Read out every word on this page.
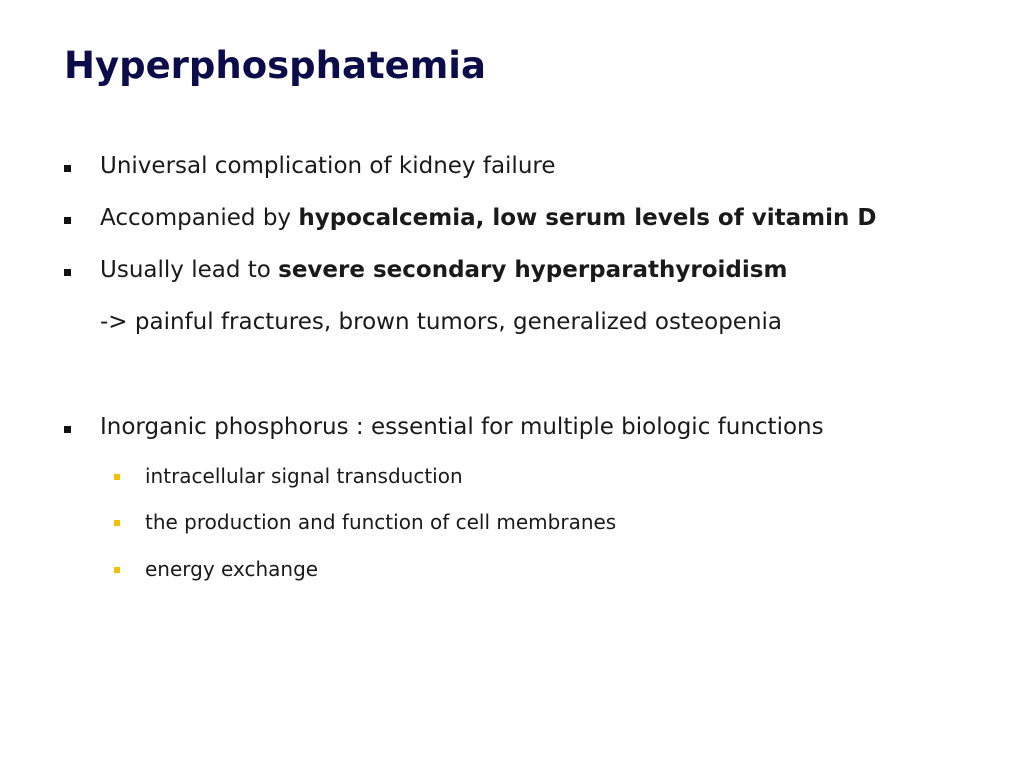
Hyperphosphatemia
Universal complication of kidney failure
Accompanied by hypocalcemia, low serum levels of vitamin D
Usually lead to severe secondary hyperparathyroidism
-> painful fractures, brown tumors, generalized osteopenia
Inorganic phosphorus : essential for multiple biologic functions
intracellular signal transduction
the production and function of cell membranes
energy exchange
